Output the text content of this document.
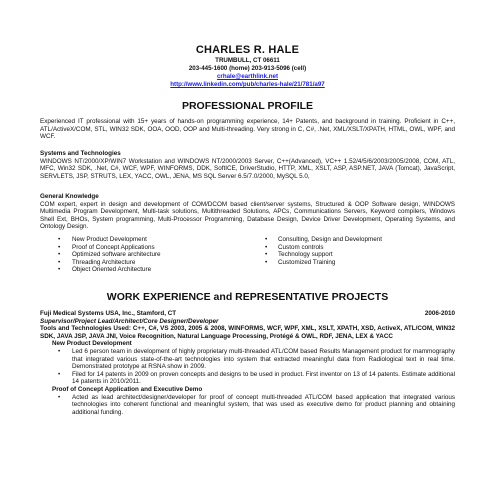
CHARLES R. HALE
TRUMBULL, CT 06611
203-445-1600 (home) 203-913-5096 (cell)
crhale@earthlink.net
http://www.linkedin.com/pub/charles-hale/21/781/a97
PROFESSIONAL PROFILE
Experienced IT professional with 15+ years of hands-on programming experience, 14+ Patents, and background in training. Proficient in C++, ATL/ActiveX/COM, STL, WIN32 SDK, OOA, OOD, OOP and Multi-threading. Very strong in C, C#, .Net, XML/XSLT/XPATH, HTML, OWL, WPF, and WCF.
Systems and Technologies
WINDOWS NT/2000/XP/WIN7 Workstation and WINDOWS NT/2000/2003 Server, C++(Advanced), VC++ 1.52/4/5/6/2003/2005/2008, COM, ATL, MFC, Win32 SDK, .Net, C#, WCF, WPF, WINFORMS, DDK, SoftICE, DriverStudio, HTTP, XML, XSLT, ASP, ASP.NET, JAVA (Tomcat), JavaScript, SERVLETS, JSP, STRUTS, LEX, YACC, OWL, JENA, MS SQL Server 6.5/7.0/2000, MySQL 5.0,
General Knowledge
COM expert, expert in design and development of COM/DCOM based client/server systems, Structured & OOP Software design, WINDOWS Multimedia Program Development, Multi-task solutions, Multithreaded Solutions, APCs, Communications Servers, Keyword compilers, Windows Shell Ext, BHOs, System programming, Multi-Processor Programming, Database Design, Device Driver Development, Operating Systems, and Ontology Design.
• New Product Development
• Proof of Concept Applications
• Optimized software architecture
• Threading Architecture
• Object Oriented Architecture
• Consulting, Design and Development
• Custom controls
• Technology support
• Customized Training
WORK EXPERIENCE and REPRESENTATIVE PROJECTS
Fuji Medical Systems USA, Inc., Stamford, CT	2006-2010
Supervisor/Project Lead/Architect/Core Designer/Developer
Tools and Technologies Used: C++, C#, VS 2003, 2005 & 2008, WINFORMS, WCF, WPF, XML, XSLT, XPATH, XSD, ActiveX, ATL/COM, WIN32 SDK, JAVA JSP, JAVA JNI, Voice Recognition, Natural Language Processing, Protégé & OWL, RDF, JENA, LEX & YACC
New Product Development
• Led 6 person team in development of highly proprietary multi-threaded ATL/COM based Results Management product for mammography that integrated various state-of-the-art technologies into system that extracted meaningful data from Radiological text in real time. Demonstrated prototype at RSNA show in 2009.
• Filed for 14 patents in 2009 on proven concepts and designs to be used in product. First inventor on 13 of 14 patents. Estimate additional 14 patents in 2010/2011.
Proof of Concept Application and Executive Demo
• Acted as lead architect/designer/developer for proof of concept multi-threaded ATL/COM based application that integrated various technologies into coherent functional and meaningful system, that was used as executive demo for product planning and obtaining additional funding.
